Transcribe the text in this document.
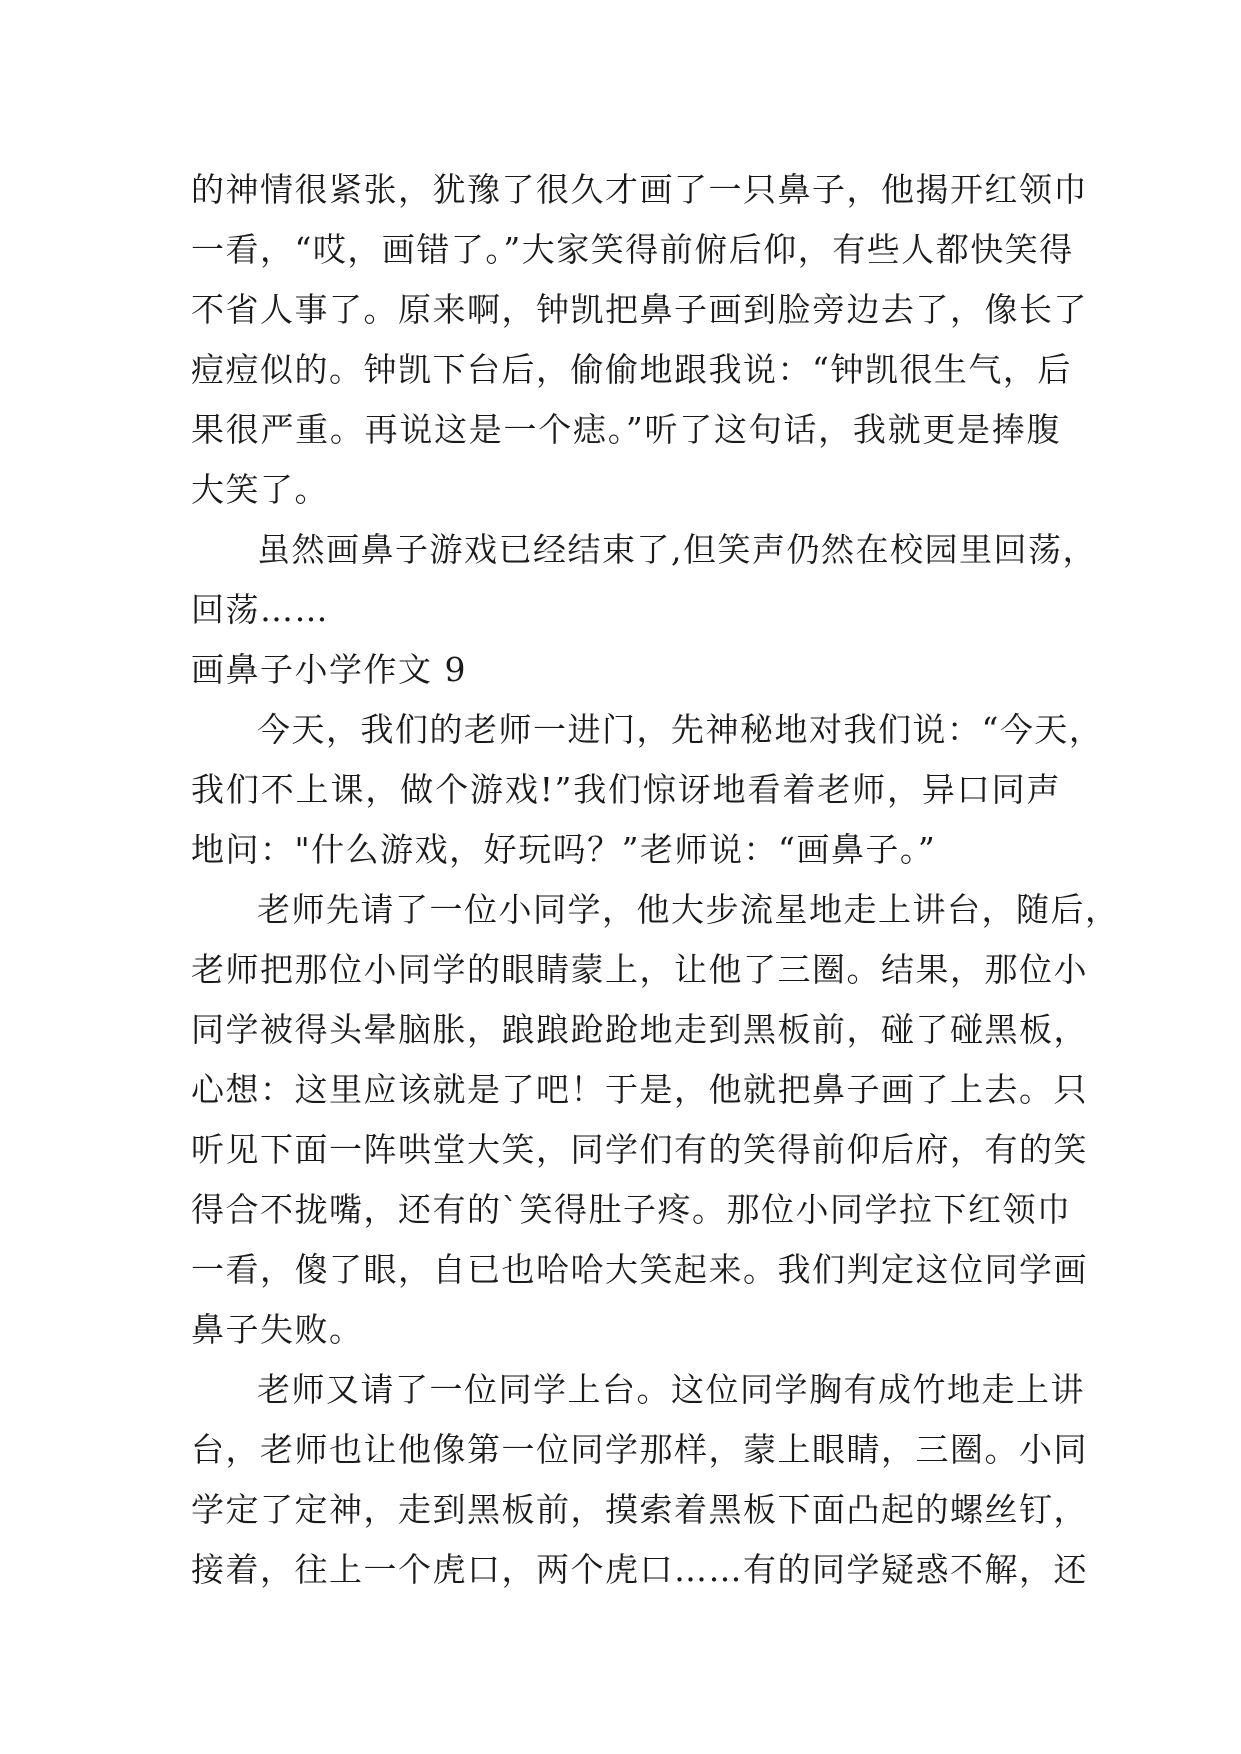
的神情很紧张，犹豫了很久才画了一只鼻子，他揭开红领巾
一看，“哎，画错了。”大家笑得前俯后仰，有些人都快笑得
不省人事了。原来啊，钟凯把鼻子画到脸旁边去了，像长了
痘痘似的。钟凯下台后，偷偷地跟我说：“钟凯很生气，后
果很严重。再说这是一个痣。”听了这句话，我就更是捧腹
大笑了。
虽然画鼻子游戏已经结束了,但笑声仍然在校园里回荡，
回荡……
画鼻子小学作文 9
今天，我们的老师一进门，先神秘地对我们说：“今天，
我们不上课，做个游戏!”我们惊讶地看着老师，异口同声
地问："什么游戏，好玩吗？”老师说：“画鼻子。”
老师先请了一位小同学，他大步流星地走上讲台，随后，
老师把那位小同学的眼睛蒙上，让他了三圈。结果，那位小
同学被得头晕脑胀，踉踉跄跄地走到黑板前，碰了碰黑板，
心想：这里应该就是了吧！于是，他就把鼻子画了上去。只
听见下面一阵哄堂大笑，同学们有的笑得前仰后府，有的笑
得合不拢嘴，还有的`笑得肚子疼。那位小同学拉下红领巾
一看，傻了眼，自已也哈哈大笑起来。我们判定这位同学画
鼻子失败。
老师又请了一位同学上台。这位同学胸有成竹地走上讲
台，老师也让他像第一位同学那样，蒙上眼睛，三圈。小同
学定了定神，走到黑板前，摸索着黑板下面凸起的螺丝钉，
接着，往上一个虎口，两个虎口……有的同学疑惑不解，还
